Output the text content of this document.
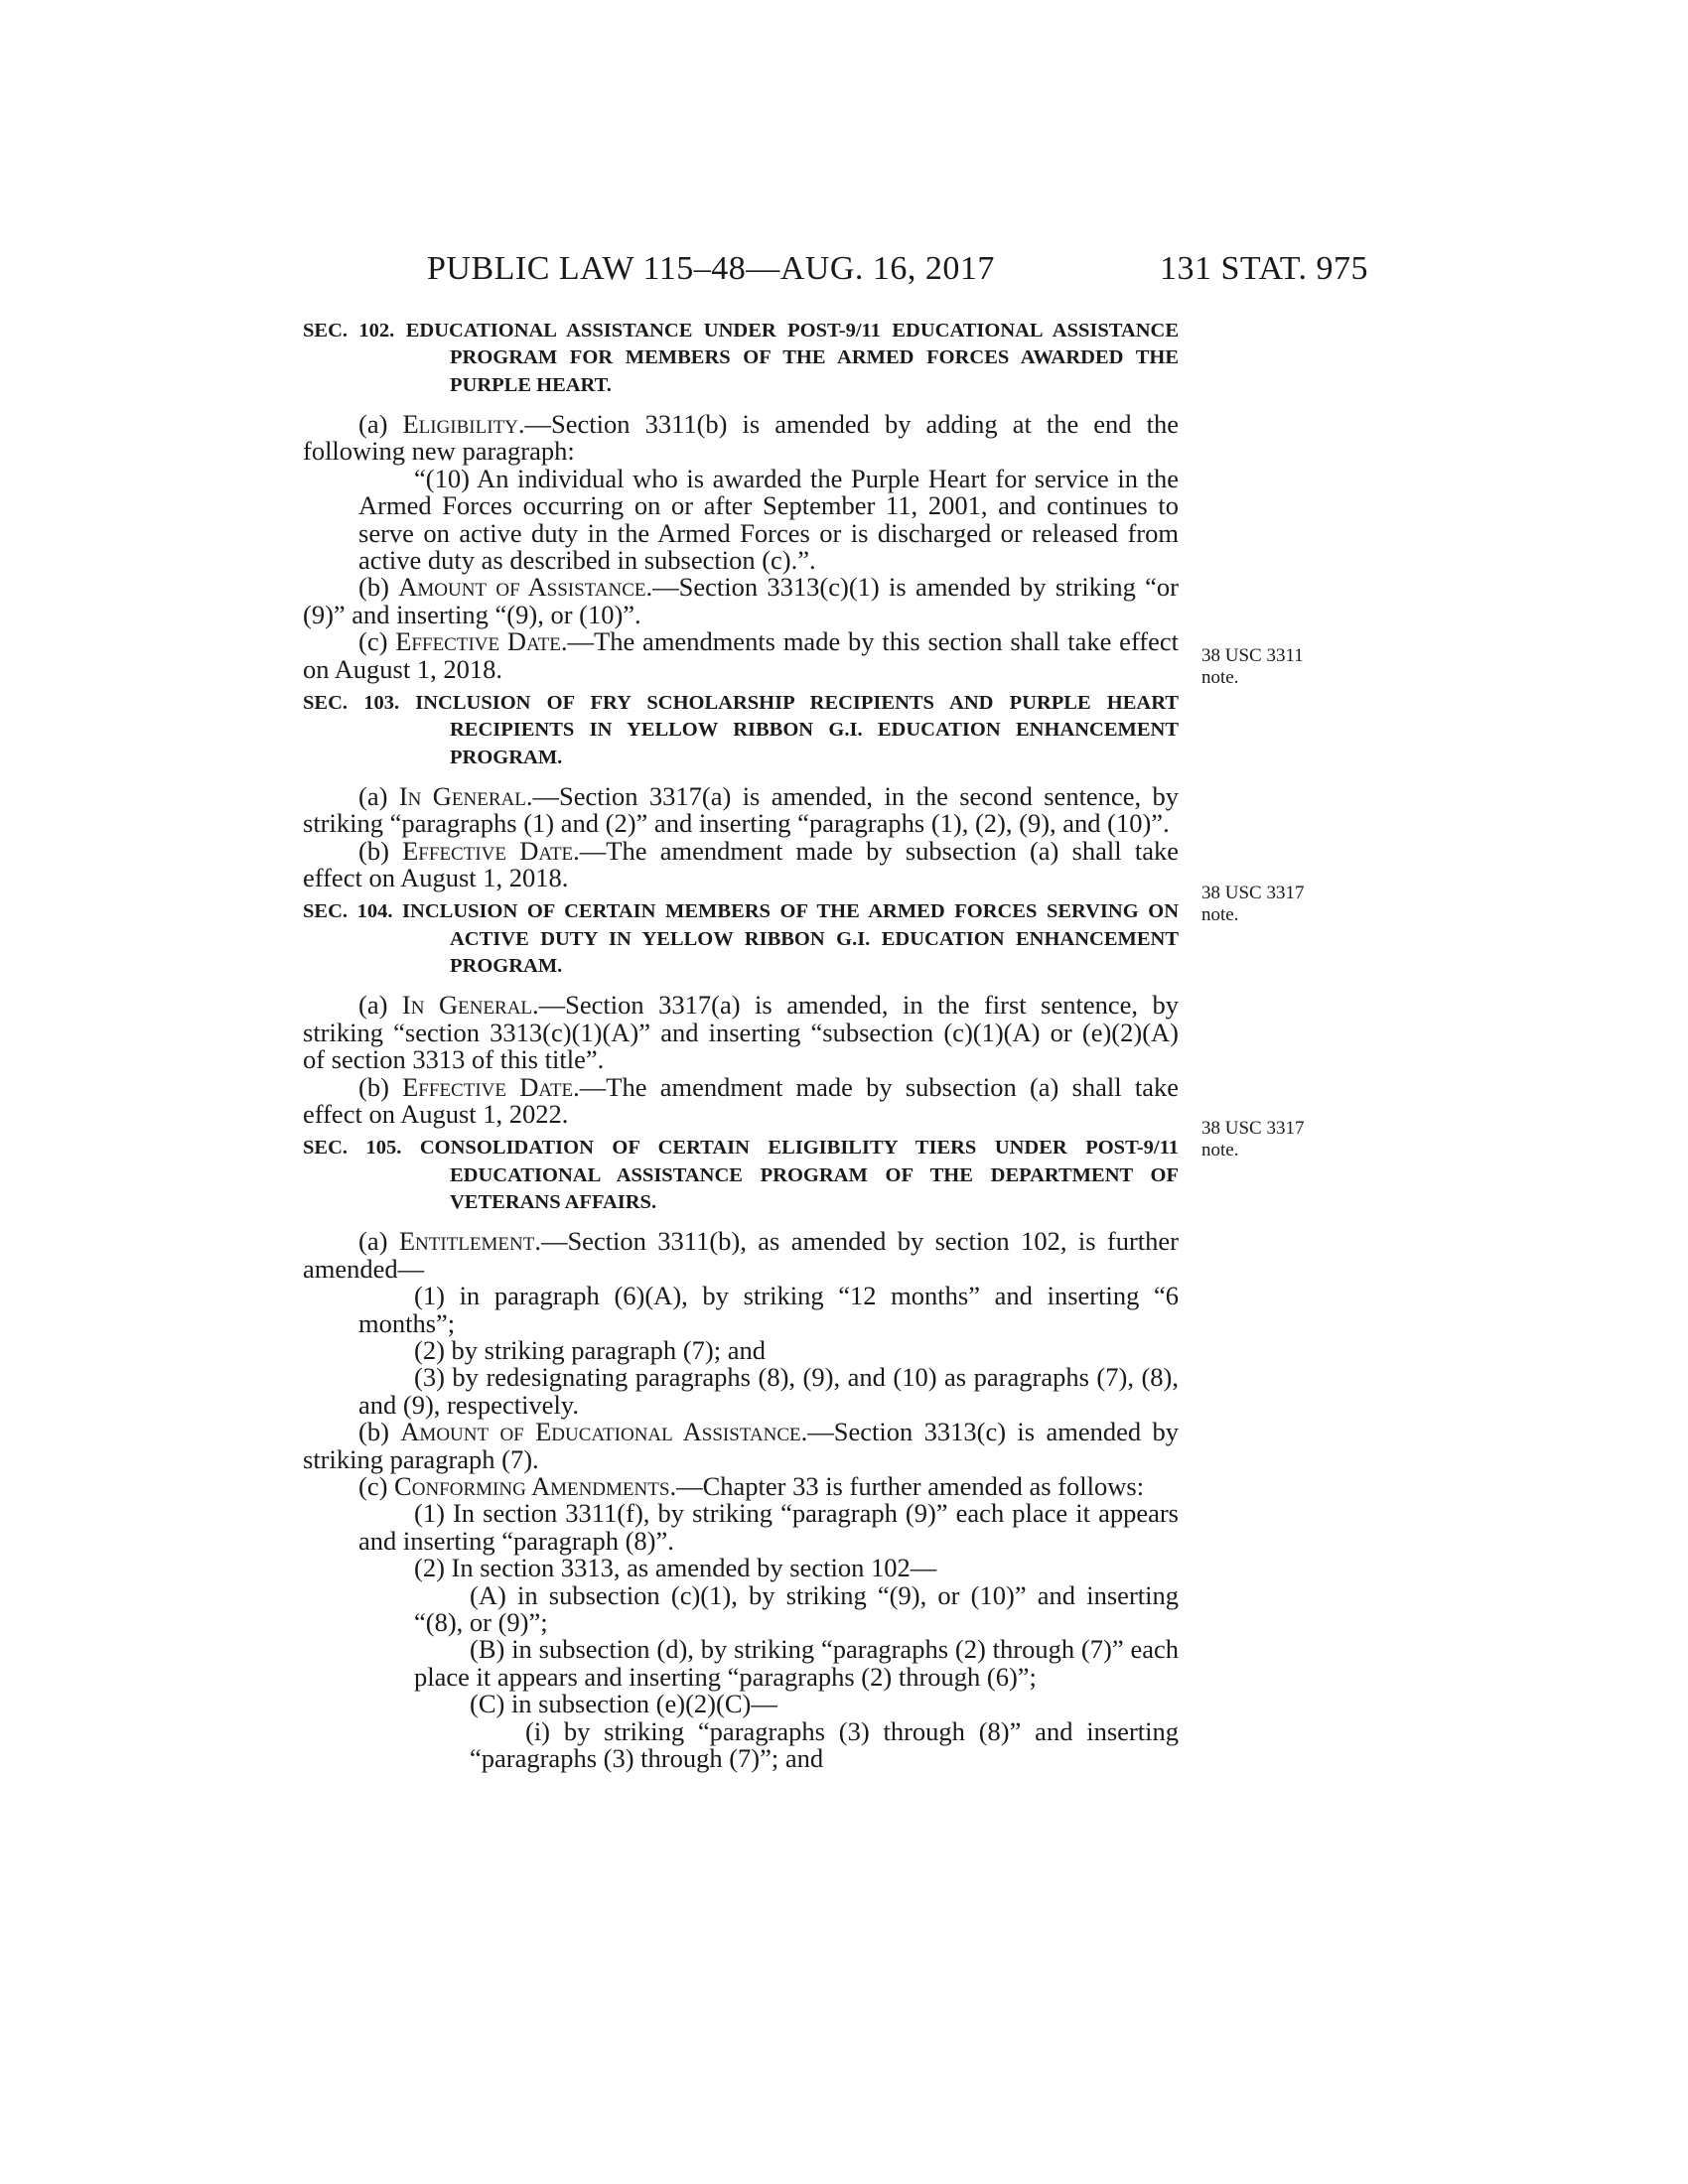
PUBLIC LAW 115–48—AUG. 16, 2017	131 STAT. 975
SEC. 102. EDUCATIONAL ASSISTANCE UNDER POST-9/11 EDUCATIONAL ASSISTANCE PROGRAM FOR MEMBERS OF THE ARMED FORCES AWARDED THE PURPLE HEART.
(a) Eligibility.—Section 3311(b) is amended by adding at the end the following new paragraph:
“(10) An individual who is awarded the Purple Heart for service in the Armed Forces occurring on or after September 11, 2001, and continues to serve on active duty in the Armed Forces or is discharged or released from active duty as described in subsection (c).”.
(b) Amount of Assistance.—Section 3313(c)(1) is amended by striking “or (9)” and inserting “(9), or (10)”.
(c) Effective Date.—The amendments made by this section shall take effect on August 1, 2018.
SEC. 103. INCLUSION OF FRY SCHOLARSHIP RECIPIENTS AND PURPLE HEART RECIPIENTS IN YELLOW RIBBON G.I. EDUCATION ENHANCEMENT PROGRAM.
(a) In General.—Section 3317(a) is amended, in the second sentence, by striking “paragraphs (1) and (2)” and inserting “paragraphs (1), (2), (9), and (10)”.
(b) Effective Date.—The amendment made by subsection (a) shall take effect on August 1, 2018.
SEC. 104. INCLUSION OF CERTAIN MEMBERS OF THE ARMED FORCES SERVING ON ACTIVE DUTY IN YELLOW RIBBON G.I. EDUCATION ENHANCEMENT PROGRAM.
(a) In General.—Section 3317(a) is amended, in the first sentence, by striking “section 3313(c)(1)(A)” and inserting “subsection (c)(1)(A) or (e)(2)(A) of section 3313 of this title”.
(b) Effective Date.—The amendment made by subsection (a) shall take effect on August 1, 2022.
SEC. 105. CONSOLIDATION OF CERTAIN ELIGIBILITY TIERS UNDER POST-9/11 EDUCATIONAL ASSISTANCE PROGRAM OF THE DEPARTMENT OF VETERANS AFFAIRS.
(a) Entitlement.—Section 3311(b), as amended by section 102, is further amended—
(1) in paragraph (6)(A), by striking “12 months” and inserting “6 months”;
(2) by striking paragraph (7); and
(3) by redesignating paragraphs (8), (9), and (10) as paragraphs (7), (8), and (9), respectively.
(b) Amount of Educational Assistance.—Section 3313(c) is amended by striking paragraph (7).
(c) Conforming Amendments.—Chapter 33 is further amended as follows:
(1) In section 3311(f), by striking “paragraph (9)” each place it appears and inserting “paragraph (8)”.
(2) In section 3313, as amended by section 102—
(A) in subsection (c)(1), by striking “(9), or (10)” and inserting “(8), or (9)”;
(B) in subsection (d), by striking “paragraphs (2) through (7)” each place it appears and inserting “paragraphs (2) through (6)”;
(C) in subsection (e)(2)(C)—
(i) by striking “paragraphs (3) through (8)” and inserting “paragraphs (3) through (7)”; and
38 USC 3311
note.
38 USC 3317
note.
38 USC 3317
note.
